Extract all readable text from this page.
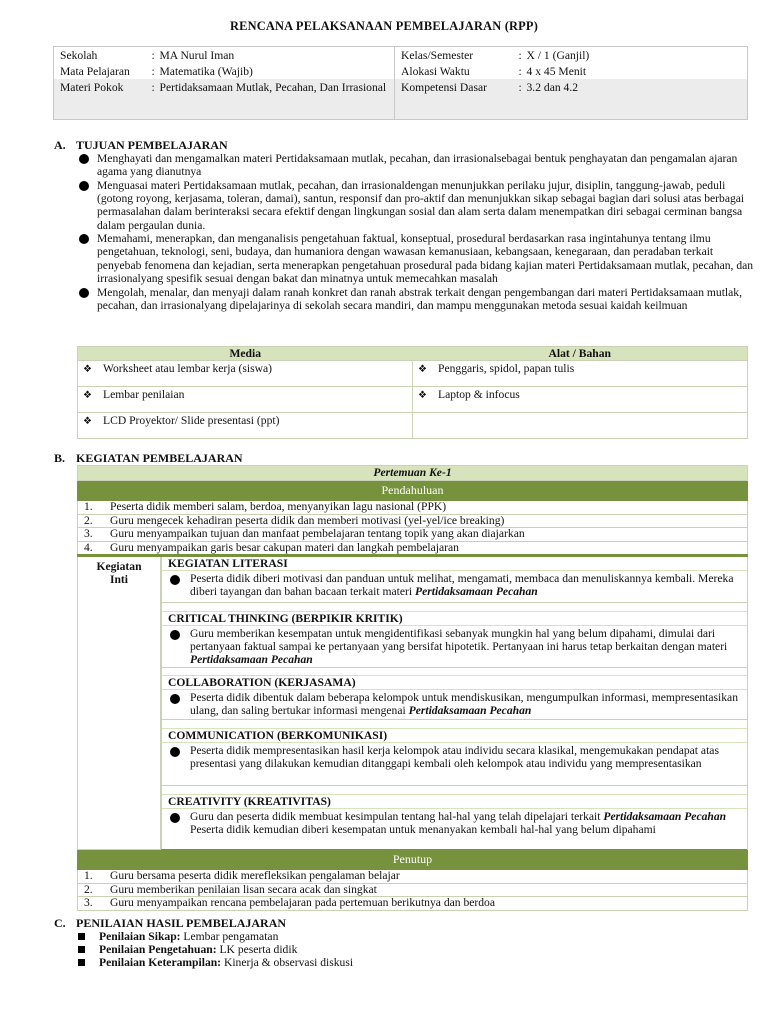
RENCANA PELAKSANAAN PEMBELAJARAN (RPP)
Sekolah	: MA Nurul Iman	Kelas/Semester	: X / 1 (Ganjil)
Mata Pelajaran	: Matematika (Wajib)	Alokasi Waktu	: 4 x 45 Menit
Materi Pokok	: Pertidaksamaan Mutlak, Pecahan, Dan Irrasional	Kompetensi Dasar	: 3.2 dan 4.2
A. TUJUAN PEMBELAJARAN
Menghayati dan mengamalkan materi Pertidaksamaan mutlak, pecahan, dan irrasionalsebagai bentuk penghayatan dan pengamalan ajaran agama yang dianutnya
Menguasai materi Pertidaksamaan mutlak, pecahan, dan irrasionaldengan menunjukkan perilaku jujur, disiplin, tanggung-jawab, peduli (gotong royong, kerjasama, toleran, damai), santun, responsif dan pro-aktif dan menunjukkan sikap sebagai bagian dari solusi atas berbagai permasalahan dalam berinteraksi secara efektif dengan lingkungan sosial dan alam serta dalam menempatkan diri sebagai cerminan bangsa dalam pergaulan dunia.
Memahami, menerapkan, dan menganalisis pengetahuan faktual, konseptual, prosedural berdasarkan rasa ingintahunya tentang ilmu pengetahuan, teknologi, seni, budaya, dan humaniora dengan wawasan kemanusiaan, kebangsaan, kenegaraan, dan peradaban terkait penyebab fenomena dan kejadian, serta menerapkan pengetahuan prosedural pada bidang kajian materi Pertidaksamaan mutlak, pecahan, dan irrasionalyang spesifik sesuai dengan bakat dan minatnya untuk memecahkan masalah
Mengolah, menalar, dan menyaji dalam ranah konkret dan ranah abstrak terkait dengan pengembangan dari materi Pertidaksamaan mutlak, pecahan, dan irrasionalyang dipelajarinya di sekolah secara mandiri, dan mampu menggunakan metoda sesuai kaidah keilmuan
Media	Alat / Bahan
❖ Worksheet atau lembar kerja (siswa)	❖ Penggaris, spidol, papan tulis
❖ Lembar penilaian	❖ Laptop & infocus
❖ LCD Proyektor/ Slide presentasi (ppt)	
B. KEGIATAN PEMBELAJARAN
Pertemuan Ke-1
Pendahuluan
1. Peserta didik memberi salam, berdoa, menyanyikan lagu nasional (PPK)
2. Guru mengecek kehadiran peserta didik dan memberi motivasi (yel-yel/ice breaking)
3. Guru menyampaikan tujuan dan manfaat pembelajaran tentang topik yang akan diajarkan
4. Guru menyampaikan garis besar cakupan materi dan langkah pembelajaran

Kegiatan
Inti

KEGIATAN LITERASI
Peserta didik diberi motivasi dan panduan untuk melihat, mengamati, membaca dan menuliskannya kembali. Mereka diberi tayangan dan bahan bacaan terkait materi Pertidaksamaan Pecahan
CRITICAL THINKING (BERPIKIR KRITIK)
Guru memberikan kesempatan untuk mengidentifikasi sebanyak mungkin hal yang belum dipahami, dimulai dari pertanyaan faktual sampai ke pertanyaan yang bersifat hipotetik. Pertanyaan ini harus tetap berkaitan dengan materi Pertidaksamaan Pecahan
COLLABORATION (KERJASAMA)
Peserta didik dibentuk dalam beberapa kelompok untuk mendiskusikan, mengumpulkan informasi, mempresentasikan ulang, dan saling bertukar informasi mengenai Pertidaksamaan Pecahan
COMMUNICATION (BERKOMUNIKASI)
Peserta didik mempresentasikan hasil kerja kelompok atau individu secara klasikal, mengemukakan pendapat atas presentasi yang dilakukan kemudian ditanggapi kembali oleh kelompok atau individu yang mempresentasikan
CREATIVITY (KREATIVITAS)
Guru dan peserta didik membuat kesimpulan tentang hal-hal yang telah dipelajari terkait Pertidaksamaan Pecahan Peserta didik kemudian diberi kesempatan untuk menanyakan kembali hal-hal yang belum dipahami

Penutup
1. Guru bersama peserta didik merefleksikan pengalaman belajar
2. Guru memberikan penilaian lisan secara acak dan singkat
3. Guru menyampaikan rencana pembelajaran pada pertemuan berikutnya dan berdoa
C. PENILAIAN HASIL PEMBELAJARAN
Penilaian Sikap: Lembar pengamatan
Penilaian Pengetahuan: LK peserta didik
Penilaian Keterampilan: Kinerja & observasi diskusi
